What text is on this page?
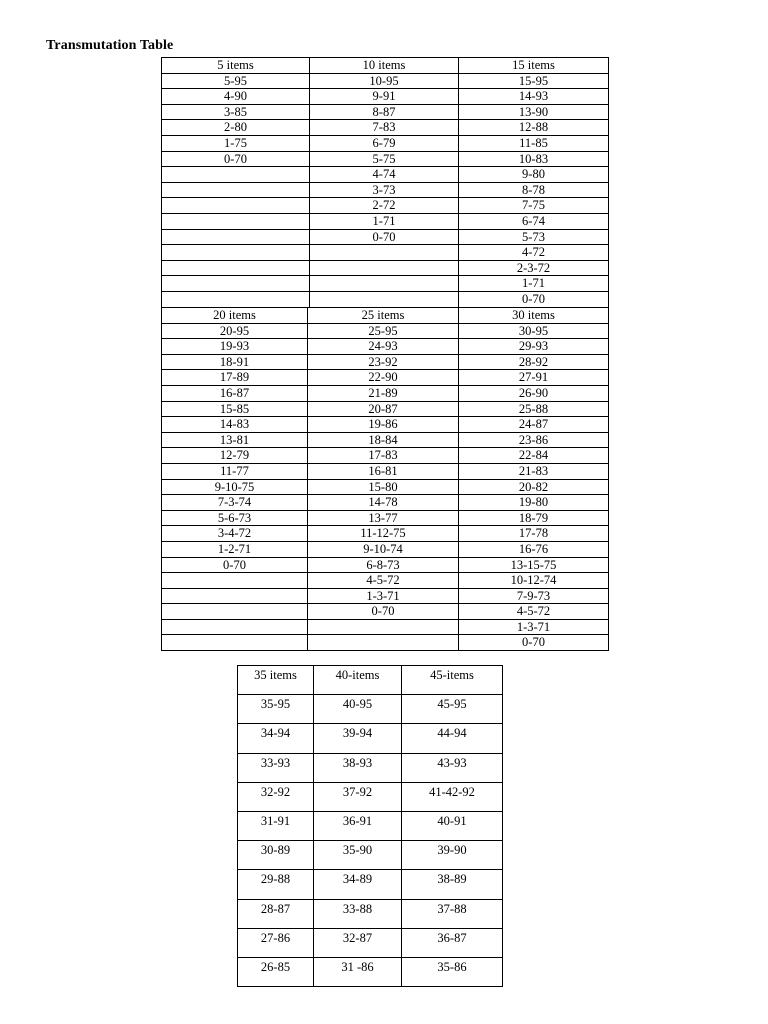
Transmutation Table
5 items	10 items	15 items
5-95	10-95	15-95
4-90	9-91	14-93
3-85	8-87	13-90
2-80	7-83	12-88
1-75	6-79	11-85
0-70	5-75	10-83
	4-74	9-80
	3-73	8-78
	2-72	7-75
	1-71	6-74
	0-70	5-73
		4-72
		2-3-72
		1-71
		0-70
20 items	25 items	30 items
20-95	25-95	30-95
19-93	24-93	29-93
18-91	23-92	28-92
17-89	22-90	27-91
16-87	21-89	26-90
15-85	20-87	25-88
14-83	19-86	24-87
13-81	18-84	23-86
12-79	17-83	22-84
11-77	16-81	21-83
9-10-75	15-80	20-82
7-3-74	14-78	19-80
5-6-73	13-77	18-79
3-4-72	11-12-75	17-78
1-2-71	9-10-74	16-76
0-70	6-8-73	13-15-75
	4-5-72	10-12-74
	1-3-71	7-9-73
	0-70	4-5-72
		1-3-71
		0-70
35 items	40-items	45-items
35-95	40-95	45-95
34-94	39-94	44-94
33-93	38-93	43-93
32-92	37-92	41-42-92
31-91	36-91	40-91
30-89	35-90	39-90
29-88	34-89	38-89
28-87	33-88	37-88
27-86	32-87	36-87
26-85	31 -86	35-86
